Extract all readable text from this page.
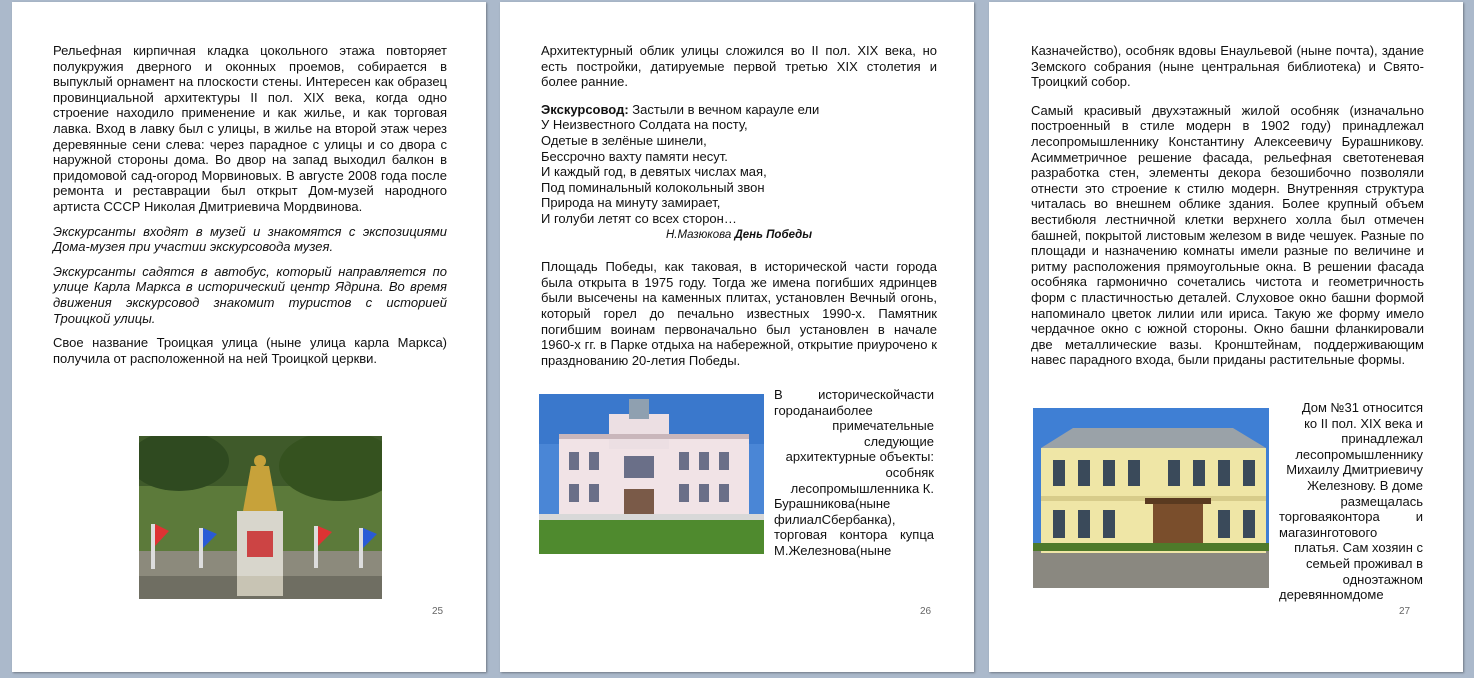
Рельефная кирпичная кладка цокольного этажа повторяет полукружия дверного и оконных проемов, собирается в выпуклый орнамент на плоскости стены. Интересен как образец провинциальной архитектуры II пол. XIX века, когда одно строение находило применение и как жилье, и как торговая лавка. Вход в лавку был с улицы, в жилье на второй этаж через деревянные сени слева: через парадное с улицы и со двора с наружной стороны дома. Во двор на запад выходил балкон в придомовой сад-огород Морвиновых. В августе 2008 года после ремонта и реставрации был открыт Дом-музей народного артиста СССР Николая Дмитриевича Мордвинова.

Экскурсанты входят в музей и знакомятся с экспозициями Дома-музея при участии экскурсовода музея.

Экскурсанты садятся в автобус, который направляется по улице Карла Маркса в исторический центр Ядрина. Во время движения экскурсовод знакомит туристов с историей Троицкой улицы.

Свое название Троицкая улица (ныне улица карла Маркса) получила от расположенной на ней Троицкой церкви.

25

Архитектурный облик улицы сложился во II пол. XIX века, но есть постройки, датируемые первой третью XIX столетия и более ранние.

Экскурсовод: Застыли в вечном карауле ели

У Неизвестного Солдата на посту,

Одетые в зелёные шинели,

Бессрочно вахту памяти несут.

И каждый год, в девятых числах мая,

Под поминальный колокольный звон

Природа на минуту замирает,

И голуби летят со всех сторон…

Н.Мазюкова День Победы

Площадь Победы, как таковая, в исторической части города была открыта в 1975 году. Тогда же имена погибших ядринцев были высечены на каменных плитах, установлен Вечный огонь, который горел до печально известных 1990-х. Памятник погибшим воинам первоначально был установлен в начале 1960-х гг. в Парке отдыха на набережной, открытие приурочено к празднованию 20-летия Победы.

В историческойчасти

городанаиболее

примечательные

следующие

архитектурные объекты:

особняк

лесопромышленника К.

Бурашникова(ныне

филиалСбербанка),

торговая контора купца

М.Железнова(ныне

26

Казначейство), особняк вдовы Енаульевой (ныне почта), здание Земского собрания (ныне центральная библиотека) и Свято-Троицкий собор.

Самый красивый двухэтажный жилой особняк (изначально построенный в стиле модерн в 1902 году) принадлежал лесопромышленнику Константину Алексеевичу Бурашникову. Асимметричное решение фасада, рельефная светотеневая разработка стен, элементы декора безошибочно позволяли отнести это строение к стилю модерн. Внутренняя структура читалась во внешнем облике здания. Более крупный объем вестибюля лестничной клетки верхнего холла был отмечен башней, покрытой листовым железом в виде чешуек. Разные по площади и назначению комнаты имели разные по величине и ритму расположения прямоугольные окна. В решении фасада особняка гармонично сочетались чистота и геометричность форм с пластичностью деталей. Слуховое окно башни формой напоминало цветок лилии или ириса. Такую же форму имело чердачное окно с южной стороны. Окно башни фланкировали две металлические вазы. Кронштейнам, поддерживающим навес парадного входа, были приданы растительные формы.

Дом №31 относится

ко II пол. XIX века и

принадлежал

лесопромышленнику

Михаилу Дмитриевичу

Железнову. В доме

размещалась

торговаяконтора и

магазинготового

платья. Сам хозяин с

семьей проживал в

одноэтажном

деревянномдоме

27
